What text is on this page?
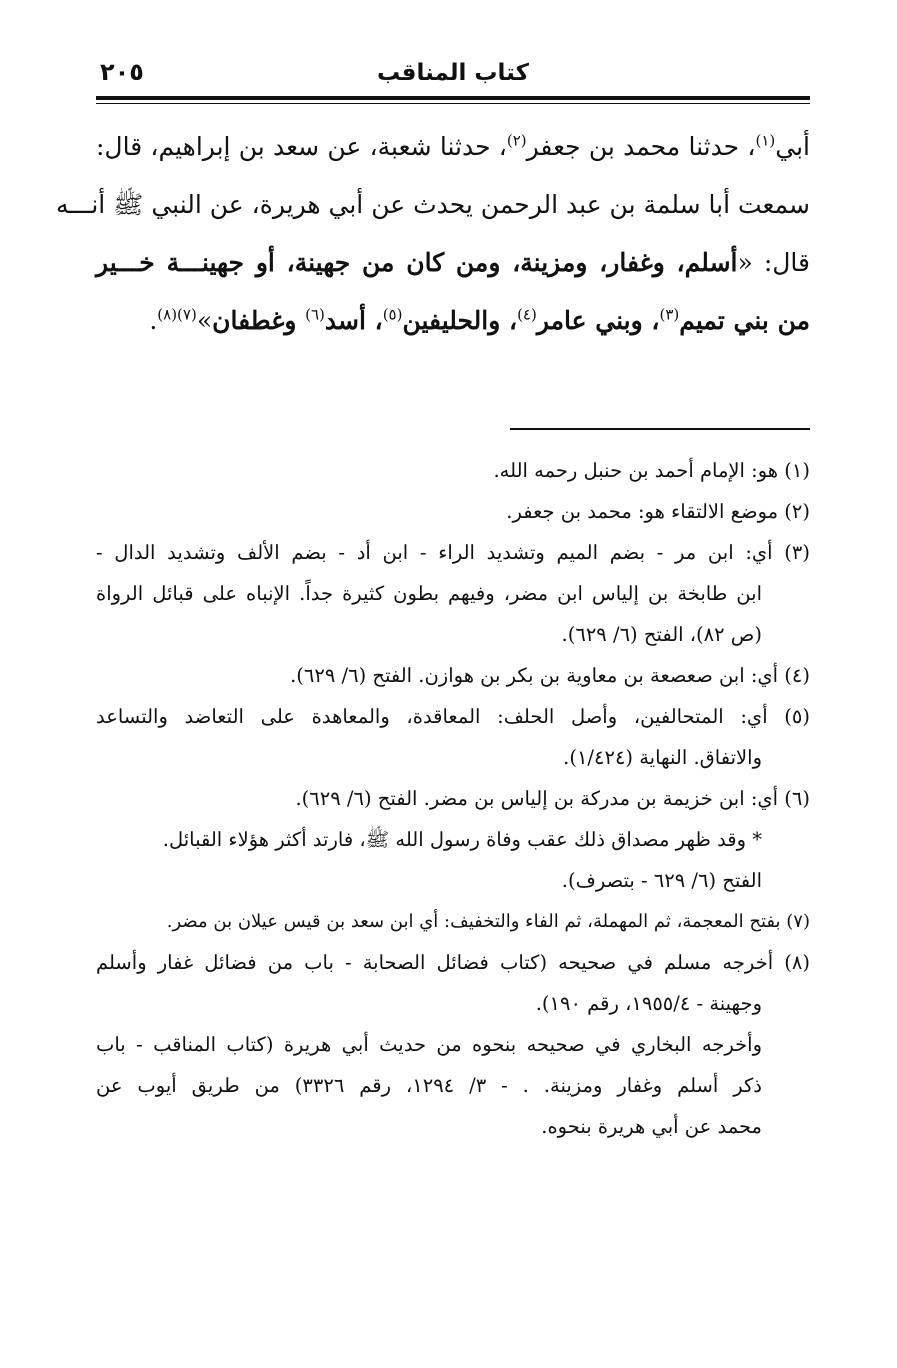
كتاب المناقب
٢٠٥
أبي$^{(١)}$، حدثنا محمد بن جعفر$^{(٢)}$، حدثنا شعبة، عن سعد بن إبراهيم، قال:
سمعت أبا سلمة بن عبد الرحمن يحدث عن أبي هريرة، عن النبي ﷺ أنـــه
قال: «أسلم، وغفار، ومزينة، ومن كان من جهينة، أو جهينـــة خـــير
من بني تميم$^{(٣)}$، وبني عامر$^{(٤)}$، والحليفين$^{(٥)}$، أسد$^{(٦)}$ وغطفان»$^{(٧)(٨)}$.
(١) هو: الإمام أحمد بن حنبل رحمه الله.
(٢) موضع الالتقاء هو: محمد بن جعفر.
(٣) أي: ابن مر - بضم الميم وتشديد الراء - ابن أد - بضم الألف وتشديد الدال -
ابن طابخة بن إلياس ابن مضر، وفيهم بطون كثيرة جداً. الإنباه على قبائل الرواة
(ص ٨٢)، الفتح (٦/ ٦٢٩).
(٤) أي: ابن صعصعة بن معاوية بن بكر بن هوازن. الفتح (٦/ ٦٢٩).
(٥) أي: المتحالفين، وأصل الحلف: المعاقدة، والمعاهدة على التعاضد والتساعد
والاتفاق. النهاية (١/٤٢٤).
(٦) أي: ابن خزيمة بن مدركة بن إلياس بن مضر. الفتح (٦/ ٦٢٩).
* وقد ظهر مصداق ذلك عقب وفاة رسول الله ﷺ، فارتد أكثر هؤلاء القبائل.
الفتح (٦/ ٦٢٩ - بتصرف).
(٧) بفتح المعجمة، ثم المهملة، ثم الفاء والتخفيف: أي ابن سعد بن قيس عيلان بن مضر.
(٨) أخرجه مسلم في صحيحه (كتاب فضائل الصحابة - باب من فضائل غفار وأسلم
وجهينة - ١٩٥٥/٤، رقم ١٩٠).
وأخرجه البخاري في صحيحه بنحوه من حديث أبي هريرة (كتاب المناقب - باب
ذكر أسلم وغفار ومزينة. . - ٣/ ١٢٩٤، رقم ٣٣٢٦) من طريق أيوب عن
محمد عن أبي هريرة بنحوه.
